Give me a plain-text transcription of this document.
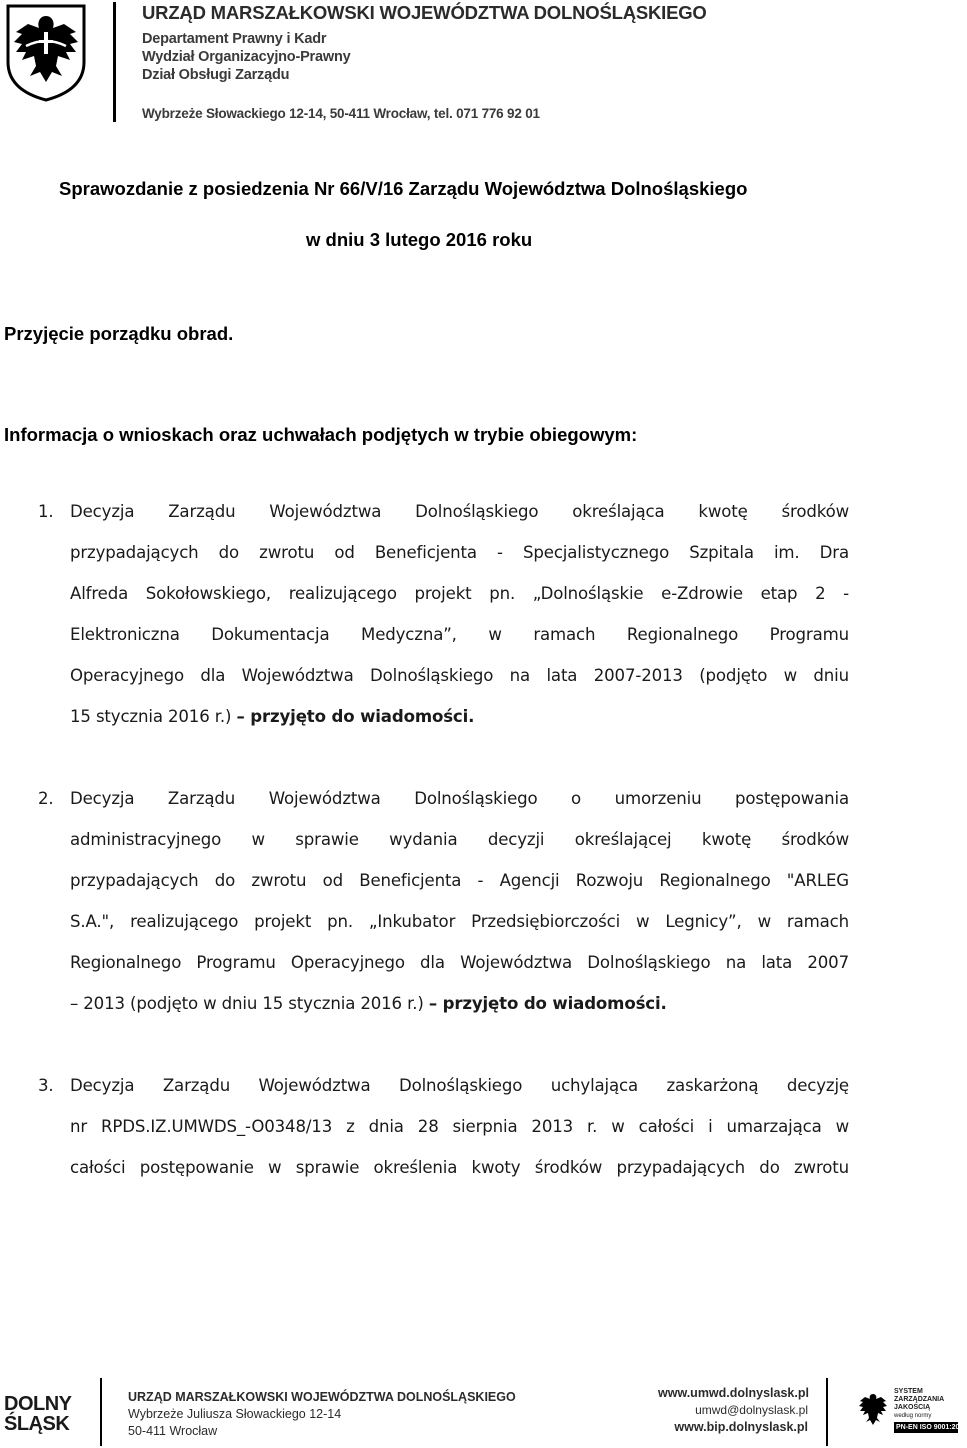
URZĄD MARSZAŁKOWSKI WOJEWÓDZTWA DOLNOŚLĄSKIEGO
Departament Prawny i Kadr
Wydział Organizacyjno-Prawny
Dział Obsługi Zarządu
Wybrzeże Słowackiego 12-14, 50-411 Wrocław, tel. 071 776 92 01
Sprawozdanie z posiedzenia Nr 66/V/16 Zarządu Województwa Dolnośląskiego
w dniu 3 lutego 2016 roku
Przyjęcie porządku obrad.
Informacja o wnioskach oraz uchwałach podjętych w trybie obiegowym:
1. Decyzja Zarządu Województwa Dolnośląskiego określająca kwotę środków
przypadających do zwrotu od Beneficjenta - Specjalistycznego Szpitala im. Dra
Alfreda Sokołowskiego, realizującego projekt pn. „Dolnośląskie e-Zdrowie etap 2 -
Elektroniczna Dokumentacja Medyczna”, w ramach Regionalnego Programu
Operacyjnego dla Województwa Dolnośląskiego na lata 2007-2013 (podjęto w dniu
15 stycznia 2016 r.) – przyjęto do wiadomości.
2. Decyzja Zarządu Województwa Dolnośląskiego o umorzeniu postępowania
administracyjnego w sprawie wydania decyzji określającej kwotę środków
przypadających do zwrotu od Beneficjenta - Agencji Rozwoju Regionalnego "ARLEG
S.A.", realizującego projekt pn. „Inkubator Przedsiębiorczości w Legnicy”, w ramach
Regionalnego Programu Operacyjnego dla Województwa Dolnośląskiego na lata 2007
– 2013 (podjęto w dniu 15 stycznia 2016 r.) – przyjęto do wiadomości.
3. Decyzja Zarządu Województwa Dolnośląskiego uchylająca zaskarżoną decyzję
nr RPDS.IZ.UMWDS_-O0348/13 z dnia 28 sierpnia 2013 r. w całości i umarzająca w
całości postępowanie w sprawie określenia kwoty środków przypadających do zwrotu
DOLNY
ŚLĄSK
URZĄD MARSZAŁKOWSKI WOJEWÓDZTWA DOLNOŚLĄSKIEGO
Wybrzeże Juliusza Słowackiego 12-14
50-411 Wrocław
www.umwd.dolnyslask.pl
umwd@dolnyslask.pl
www.bip.dolnyslask.pl
SYSTEM
ZARZĄDZANIA
JAKOŚCIĄ
według normy
PN-EN ISO 9001:2009
